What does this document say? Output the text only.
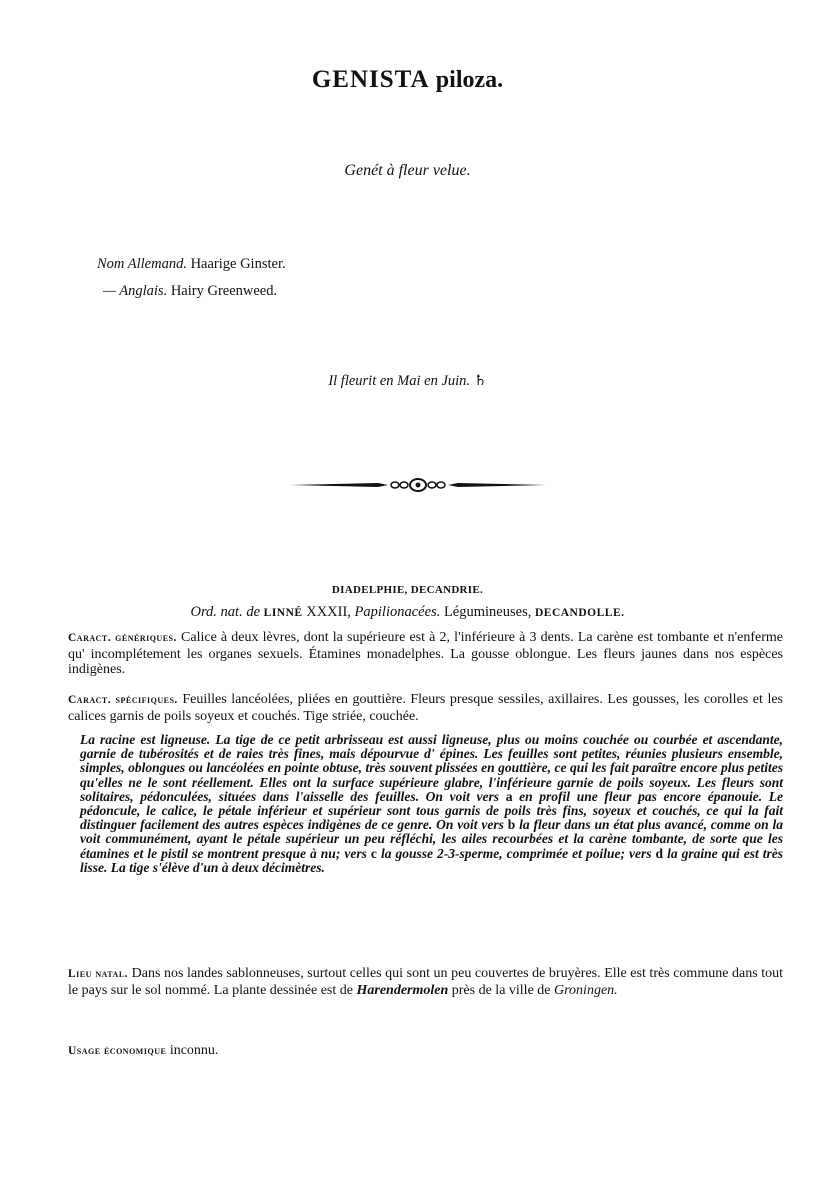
GENISTA piloza.
Genét à fleur velue.
Nom Allemand. Haarige Ginster.
— Anglais. Hairy Greenweed.
Il fleurit en Mai en Juin. ♄
DIADELPHIE, DECANDRIE.
Ord. nat. de LINNÉ XXXII, Papilionacées. Légumineuses, DECANDOLLE.
Caract. génériques. Calice à deux lèvres, dont la supérieure est à 2, l'inférieure à 3 dents. La carène est tombante et n'enferme qu' incomplétement les organes sexuels. Étamines monadelphes. La gousse oblongue. Les fleurs jaunes dans nos espèces indigènes.
Caract. spécifiques. Feuilles lancéolées, pliées en gouttière. Fleurs presque sessiles, axillaires. Les gousses, les corolles et les calices garnis de poils soyeux et couchés. Tige striée, couchée.
La racine est ligneuse. La tige de ce petit arbrisseau est aussi ligneuse, plus ou moins couchée ou courbée et ascendante, garnie de tubérosités et de raies très fines, mais dépourvue d' épines. Les feuilles sont petites, réunies plusieurs ensemble, simples, oblongues ou lancéolées en pointe obtuse, très souvent plissées en gouttière, ce qui les fait paraître encore plus petites qu'elles ne le sont réellement. Elles ont la surface supérieure glabre, l'inférieure garnie de poils soyeux. Les fleurs sont solitaires, pédonculées, situées dans l'aisselle des feuilles. On voit vers a en profil une fleur pas encore épanouie. Le pédoncule, le calice, le pétale inférieur et supérieur sont tous garnis de poils très fins, soyeux et couchés, ce qui la fait distinguer facilement des autres espèces indigènes de ce genre. On voit vers b la fleur dans un état plus avancé, comme on la voit communément, ayant le pétale supérieur un peu réfléchi, les ailes recourbées et la carène tombante, de sorte que les étamines et le pistil se montrent presque à nu; vers c la gousse 2-3-sperme, comprimée et poilue; vers d la graine qui est très lisse. La tige s'élève d'un à deux décimètres.
Lieu natal. Dans nos landes sablonneuses, surtout celles qui sont un peu couvertes de bruyères. Elle est très commune dans tout le pays sur le sol nommé. La plante dessinée est de Harendermolen près de la ville de Groningen.
Usage économique inconnu.
